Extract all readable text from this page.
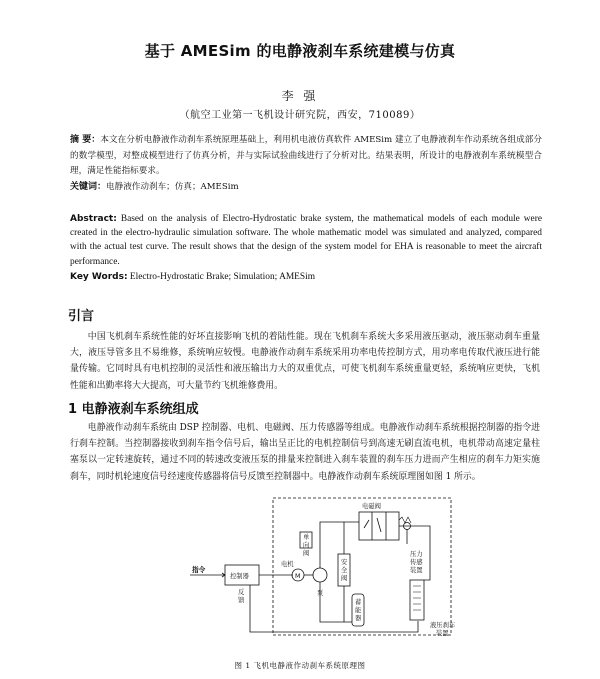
基于 AMESim 的电静液刹车系统建模与仿真
李 强
（航空工业第一飞机设计研究院，西安，710089）
摘 要：本文在分析电静液作动刹车系统原理基础上，利用机电液仿真软件 AMESim 建立了电静液刹车作动系统各组成部分的数学模型，对整成模型进行了仿真分析，并与实际试验曲线进行了分析对比。结果表明，所设计的电静液刹车系统模型合理，满足性能指标要求。
关键词：电静液作动刹车；仿真；AMESim
Abstract: Based on the analysis of Electro-Hydrostatic brake system, the mathematical models of each module were created in the electro-hydraulic simulation software. The whole mathematic model was simulated and analyzed, compared with the actual test curve. The result shows that the design of the system model for EHA is reasonable to meet the aircraft performance.
Key Words: Electro-Hydrostatic Brake; Simulation; AMESim
引言
中国飞机刹车系统性能的好坏直接影响飞机的着陆性能。现在飞机刹车系统大多采用液压驱动，液压驱动刹车重量大，液压导管多且不易维修，系统响应较慢。电静液作动刹车系统采用功率电传控制方式，用功率电传取代液压进行能量传输。它同时具有电机控制的灵活性和液压输出力大的双重优点，可使飞机刹车系统重量更轻，系统响应更快，飞机性能和出勤率将大大提高，可大量节约飞机维修费用。
1 电静液刹车系统组成
电静液作动刹车系统由 DSP 控制器、电机、电磁阀、压力传感器等组成。电静液作动刹车系统根据控制器的指令进行刹车控制。当控制器接收到刹车指令信号后，输出呈正比的电机控制信号到高速无刷直流电机，电机带动高速定量柱塞泵以一定转速旋转，通过不同的转速改变液压泵的排量来控制进入刹车装置的刹车压力进而产生相应的刹车力矩实施刹车，同时机轮速度信号经速度传感器将信号反馈至控制器中。电静液作动刹车系统原理图如图 1 所示。
指令
控制器
反
馈
电机
M
泵
单
向
阀
电磁阀
安
全
阀
蓄
能
器
压力
传感
装置
液压刹车
装置
图 1 飞机电静液作动刹车系统原理图
